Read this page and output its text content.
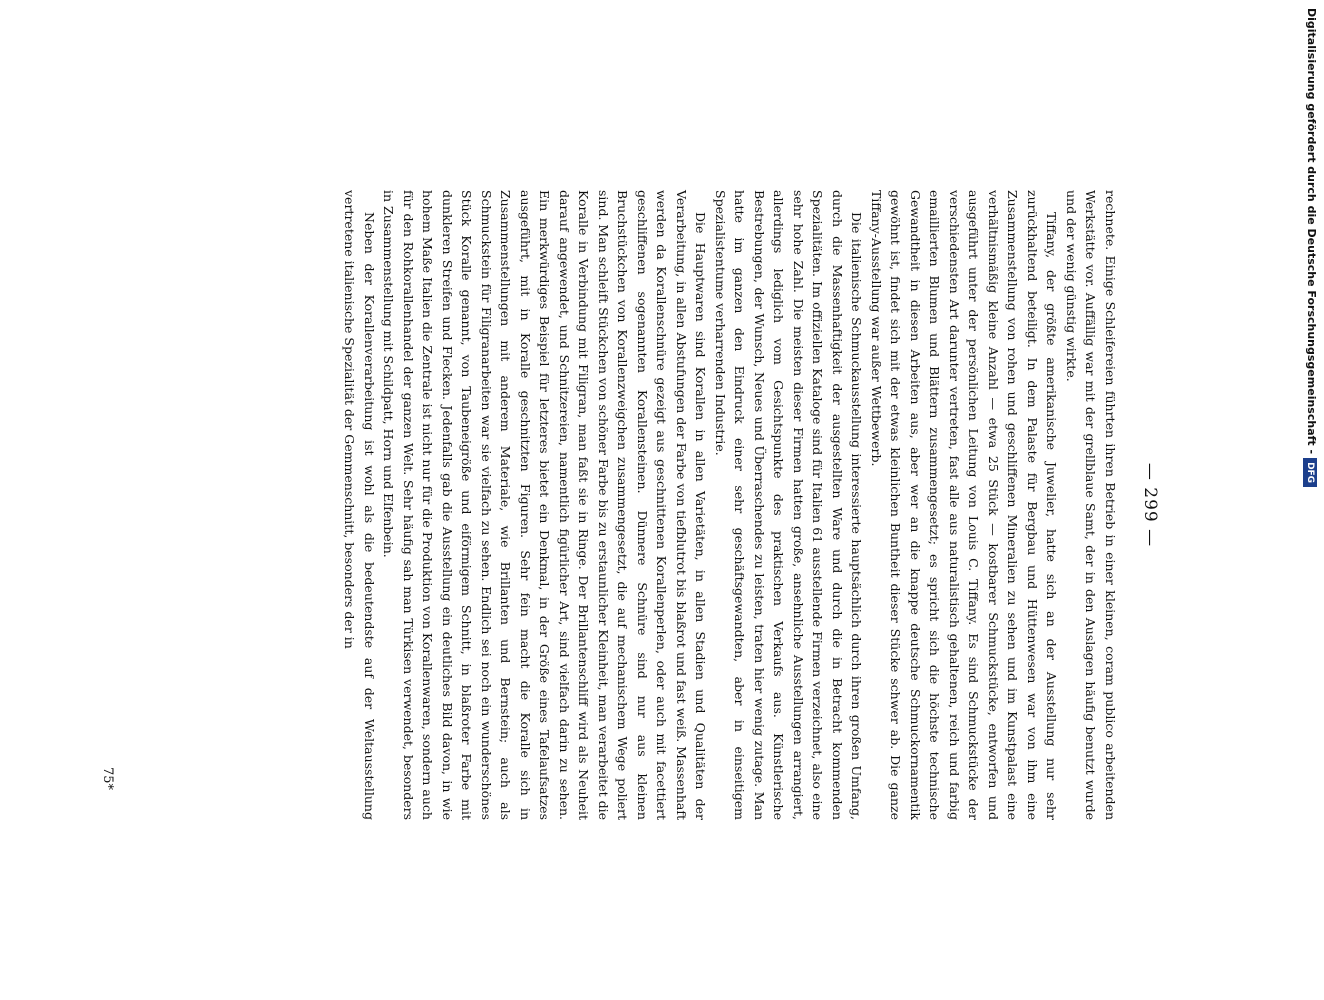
— 299 —

rechnete. Einige Schleifereien führten ihren Betrieb in einer kleinen, coram publico arbeitenden Werkstätte vor. Auffällig war mit der grellblaue Samt, der in den Auslagen häufig benutzt wurde und der wenig günstig wirkte.

Tiffany, der größte amerikanische Juwelier, hatte sich an der Ausstellung nur sehr zurückhaltend beteiligt. In dem Palaste für Bergbau und Hüttenwesen war von ihm eine Zusammenstellung von rohen und geschliffenen Mineralien zu sehen und im Kunstpalast eine verhältnismäßig kleine Anzahl — etwa 25 Stück — kostbarer Schmuckstücke, entworfen und ausgeführt unter der persönlichen Leitung von Louis C. Tiffany. Es sind Schmuckstücke der verschiedensten Art darunter vertreten, fast alle aus naturalistisch gehaltenen, reich und farbig emaillierten Blumen und Blättern zusammengesetzt; es spricht sich die höchste technische Gewandtheit in diesen Arbeiten aus, aber wer an die knappe deutsche Schmuckornamentik gewöhnt ist, findet sich mit der etwas kleinlichen Buntheit dieser Stücke schwer ab. Die ganze Tiffany-Ausstellung war außer Wettbewerb.

Die italienische Schmuckausstellung interessierte hauptsächlich durch ihren großen Umfang, durch die Massenhaftigkeit der ausgestellten Ware und durch die in Betracht kommenden Spezialitäten. Im offiziellen Kataloge sind für Italien 61 ausstellende Firmen verzeichnet, also eine sehr hohe Zahl. Die meisten dieser Firmen hatten große, ansehnliche Ausstellungen arrangiert, allerdings lediglich vom Gesichtspunkte des praktischen Verkaufs aus. Künstlerische Bestrebungen, der Wunsch, Neues und Überraschendes zu leisten, traten hier wenig zutage. Man hatte im ganzen den Eindruck einer sehr geschäftsgewandten, aber in einseitigem Spezialistentume verharrenden Industrie.

Die Hauptwaren sind Korallen in allen Varietäten, in allen Stadien und Qualitäten der Verarbeitung, in allen Abstufungen der Farbe von tiefblutrot bis blaßrot und fast weiß. Massenhaft werden da Korallenschnüre gezeigt aus geschnittenen Korallenperlen, oder auch mit facettiert geschliffenen sogenannten Korallensteinen. Dünnere Schnüre sind nur aus kleinen Bruchstückchen von Korallenzweigchen zusammengesetzt, die auf mechanischem Wege poliert sind. Man schleift Stückchen von schöner Farbe bis zu erstaunlicher Kleinheit, man verarbeitet die Koralle in Verbindung mit Filigran, man faßt sie in Ringe. Der Brillantenschliff wird als Neuheit darauf angewendet, und Schnitzereien, namentlich figürlicher Art, sind vielfach darin zu sehen. Ein merkwürdiges Beispiel für letzteres bietet ein Denkmal, in der Größe eines Tafelaufsatzes ausgeführt, mit in Koralle geschnitzten Figuren. Sehr fein macht die Koralle sich in Zusammenstellungen mit anderem Materiale, wie Brillanten und Bernstein; auch als Schmuckstein für Filigranarbeiten war sie vielfach zu sehen. Endlich sei noch ein wunderschönes Stück Koralle genannt, von Taubeneigröße und eiförmigem Schnitt, in blaßroter Farbe mit dunkleren Streifen und Flecken. Jedenfalls gab die Ausstellung ein deutliches Bild davon, in wie hohem Maße Italien die Zentrale ist nicht nur für die Produktion von Korallenwaren, sondern auch für den Rohkorallenhandel der ganzen Welt. Sehr häufig sah man Türkisen verwendet, besonders in Zusammenstellung mit Schildpatt, Horn und Elfenbein.

Neben der Korallenverarbeitung ist wohl als die bedeutendste auf der Weltausstellung vertretene italienische Spezialität der Gemmenschnitt, besonders der in

75*
Digitalisierung gefördert durch die Deutsche Forschungsgemeinschaft -DFG
